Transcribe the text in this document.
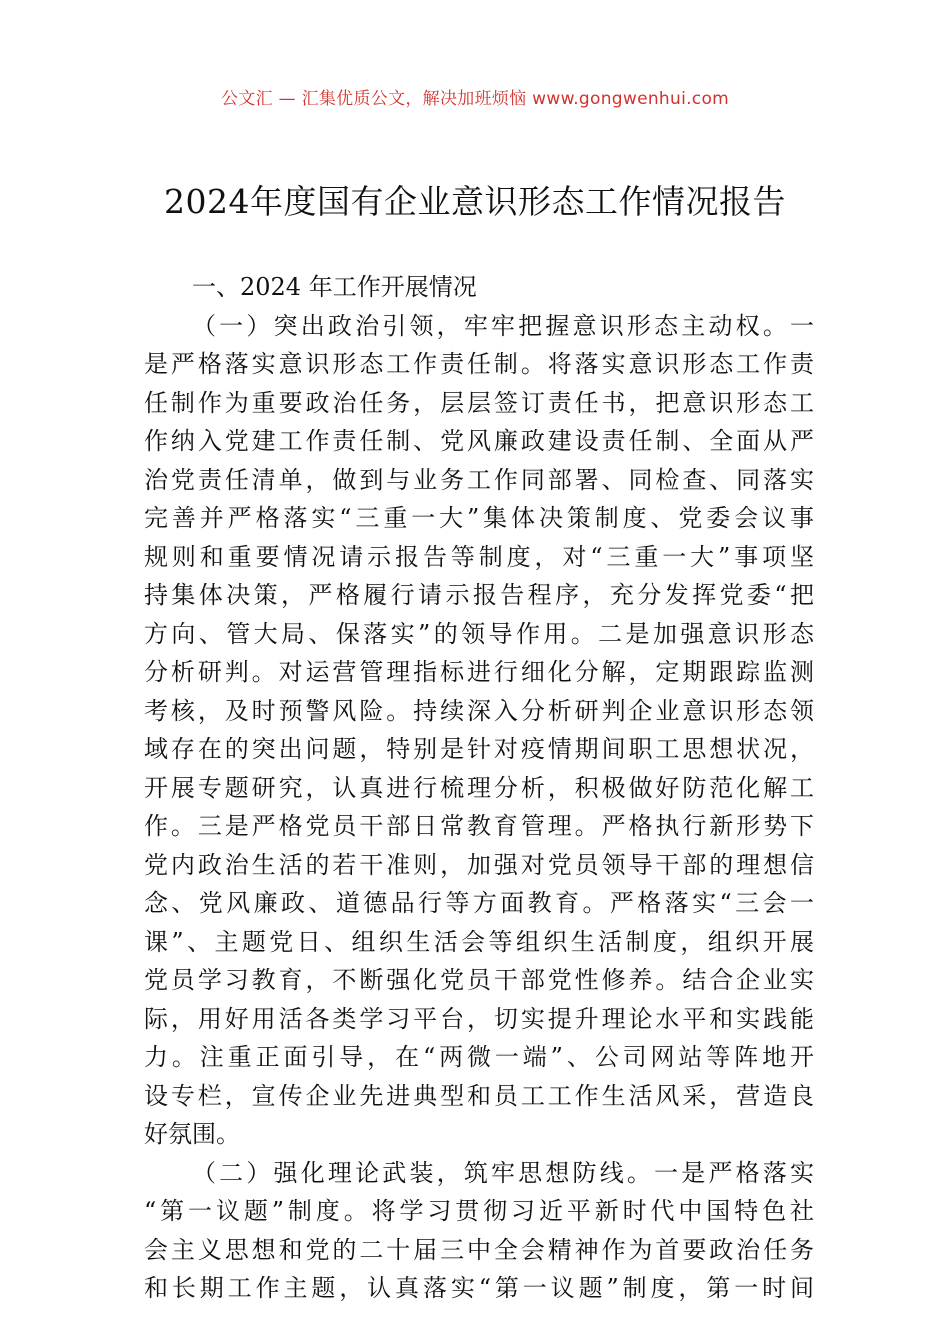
公文汇 — 汇集优质公文，解决加班烦恼 www.gongwenhui.com
2024年度国有企业意识形态工作情况报告
一、2024 年工作开展情况
（一）突出政治引领，牢牢把握意识形态主动权。一
是严格落实意识形态工作责任制。将落实意识形态工作责
任制作为重要政治任务，层层签订责任书，把意识形态工
作纳入党建工作责任制、党风廉政建设责任制、全面从严
治党责任清单，做到与业务工作同部署、同检查、同落实
完善并严格落实“三重一大”集体决策制度、党委会议事
规则和重要情况请示报告等制度，对“三重一大”事项坚
持集体决策，严格履行请示报告程序，充分发挥党委“把
方向、管大局、保落实”的领导作用。二是加强意识形态
分析研判。对运营管理指标进行细化分解，定期跟踪监测
考核，及时预警风险。持续深入分析研判企业意识形态领
域存在的突出问题，特别是针对疫情期间职工思想状况，
开展专题研究，认真进行梳理分析，积极做好防范化解工
作。三是严格党员干部日常教育管理。严格执行新形势下
党内政治生活的若干准则，加强对党员领导干部的理想信
念、党风廉政、道德品行等方面教育。严格落实“三会一
课”、主题党日、组织生活会等组织生活制度，组织开展
党员学习教育，不断强化党员干部党性修养。结合企业实
际，用好用活各类学习平台，切实提升理论水平和实践能
力。注重正面引导，在“两微一端”、公司网站等阵地开
设专栏，宣传企业先进典型和员工工作生活风采，营造良
好氛围。
（二）强化理论武装，筑牢思想防线。一是严格落实
“第一议题”制度。将学习贯彻习近平新时代中国特色社
会主义思想和党的二十届三中全会精神作为首要政治任务
和长期工作主题，认真落实“第一议题”制度，第一时间
